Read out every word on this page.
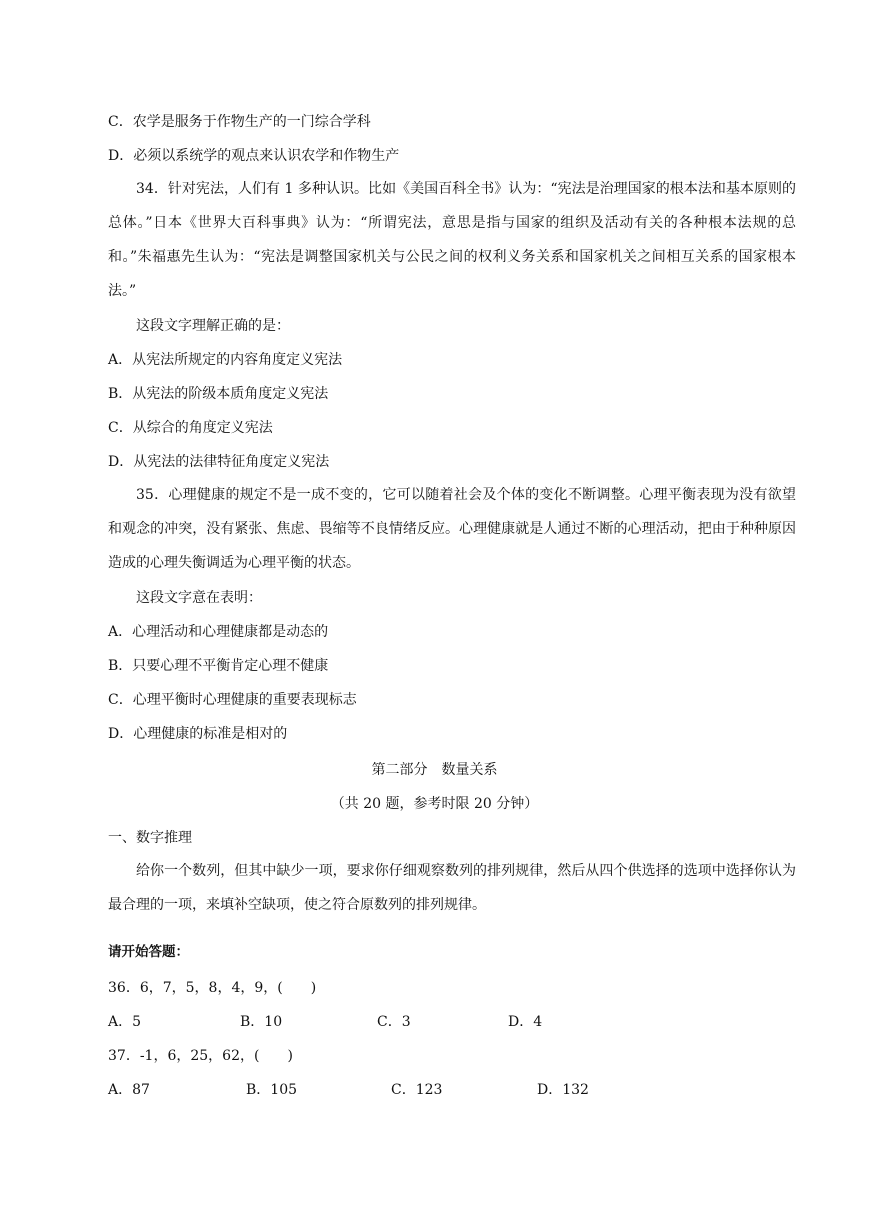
C．农学是服务于作物生产的一门综合学科
D．必须以系统学的观点来认识农学和作物生产
34．针对宪法，人们有 1 多种认识。比如《美国百科全书》认为：“宪法是治理国家的根本法和基本原则的总体。”日本《世界大百科事典》认为：“所谓宪法，意思是指与国家的组织及活动有关的各种根本法规的总和。”朱福惠先生认为：“宪法是调整国家机关与公民之间的权利义务关系和国家机关之间相互关系的国家根本法。”
这段文字理解正确的是：
A．从宪法所规定的内容角度定义宪法
B．从宪法的阶级本质角度定义宪法
C．从综合的角度定义宪法
D．从宪法的法律特征角度定义宪法
35．心理健康的规定不是一成不变的，它可以随着社会及个体的变化不断调整。心理平衡表现为没有欲望和观念的冲突，没有紧张、焦虑、畏缩等不良情绪反应。心理健康就是人通过不断的心理活动，把由于种种原因造成的心理失衡调适为心理平衡的状态。
这段文字意在表明：
A．心理活动和心理健康都是动态的
B．只要心理不平衡肯定心理不健康
C．心理平衡时心理健康的重要表现标志
D．心理健康的标准是相对的
第二部分　数量关系
（共 20 题，参考时限 20 分钟）
一、数字推理
给你一个数列，但其中缺少一项，要求你仔细观察数列的排列规律，然后从四个供选择的选项中选择你认为最合理的一项，来填补空缺项，使之符合原数列的排列规律。
请开始答题：
36．6，7，5，8，4，9，(　　)
A．5	B．10	C．3	D．4
37．-1，6，25，62，(　　)
A．87	B．105	C．123	D．132
